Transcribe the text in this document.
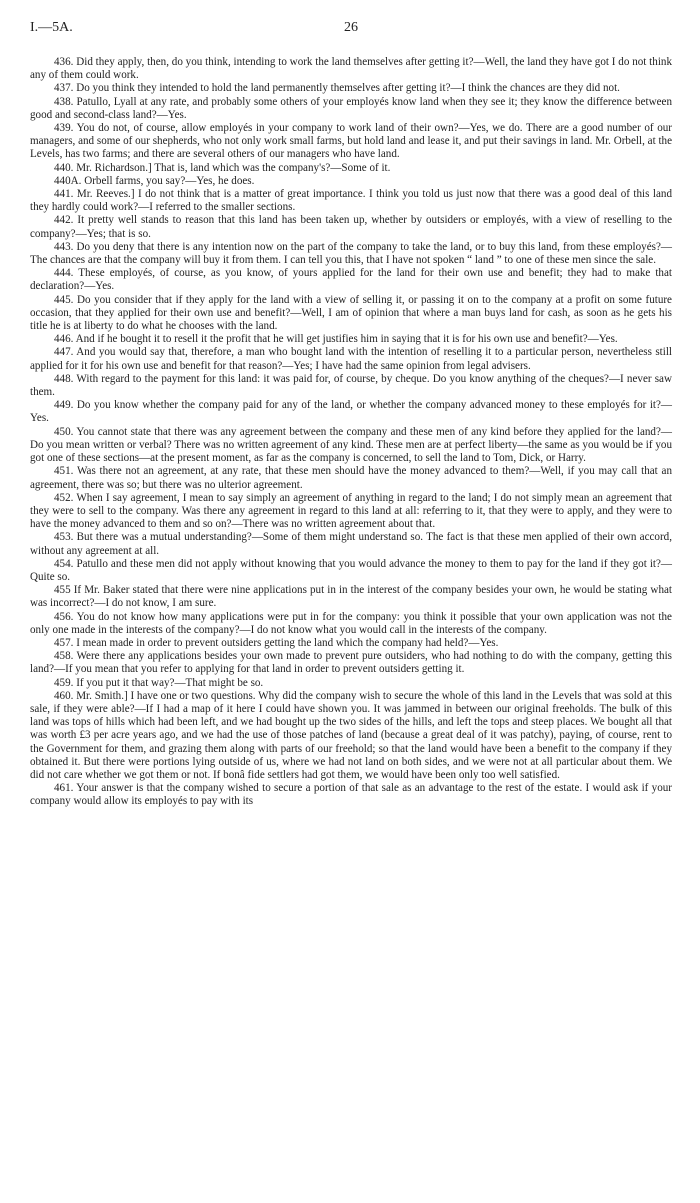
I.—5A.	26

436. Did they apply, then, do you think, intending to work the land themselves after getting it?—Well, the land they have got I do not think any of them could work.

437. Do you think they intended to hold the land permanently themselves after getting it?—I think the chances are they did not.

438. Patullo, Lyall at any rate, and probably some others of your employés know land when they see it; they know the difference between good and second-class land?—Yes.

439. You do not, of course, allow employés in your company to work land of their own?—Yes, we do. There are a good number of our managers, and some of our shepherds, who not only work small farms, but hold land and lease it, and put their savings in land. Mr. Orbell, at the Levels, has two farms; and there are several others of our managers who have land.

440. Mr. Richardson.] That is, land which was the company's?—Some of it.

440A. Orbell farms, you say?—Yes, he does.

441. Mr. Reeves.] I do not think that is a matter of great importance. I think you told us just now that there was a good deal of this land they hardly could work?—I referred to the smaller sections.

442. It pretty well stands to reason that this land has been taken up, whether by outsiders or employés, with a view of reselling to the company?—Yes; that is so.

443. Do you deny that there is any intention now on the part of the company to take the land, or to buy this land, from these employés?—The chances are that the company will buy it from them. I can tell you this, that I have not spoken “ land ” to one of these men since the sale.

444. These employés, of course, as you know, of yours applied for the land for their own use and benefit; they had to make that declaration?—Yes.

445. Do you consider that if they apply for the land with a view of selling it, or passing it on to the company at a profit on some future occasion, that they applied for their own use and benefit?—Well, I am of opinion that where a man buys land for cash, as soon as he gets his title he is at liberty to do what he chooses with the land.

446. And if he bought it to resell it the profit that he will get justifies him in saying that it is for his own use and benefit?—Yes.

447. And you would say that, therefore, a man who bought land with the intention of reselling it to a particular person, nevertheless still applied for it for his own use and benefit for that reason?—Yes; I have had the same opinion from legal advisers.

448. With regard to the payment for this land: it was paid for, of course, by cheque. Do you know anything of the cheques?—I never saw them.

449. Do you know whether the company paid for any of the land, or whether the company advanced money to these employés for it?—Yes.

450. You cannot state that there was any agreement between the company and these men of any kind before they applied for the land?—Do you mean written or verbal? There was no written agreement of any kind. These men are at perfect liberty—the same as you would be if you got one of these sections—at the present moment, as far as the company is concerned, to sell the land to Tom, Dick, or Harry.

451. Was there not an agreement, at any rate, that these men should have the money advanced to them?—Well, if you may call that an agreement, there was so; but there was no ulterior agreement.

452. When I say agreement, I mean to say simply an agreement of anything in regard to the land; I do not simply mean an agreement that they were to sell to the company. Was there any agreement in regard to this land at all: referring to it, that they were to apply, and they were to have the money advanced to them and so on?—There was no written agreement about that.

453. But there was a mutual understanding?—Some of them might understand so. The fact is that these men applied of their own accord, without any agreement at all.

454. Patullo and these men did not apply without knowing that you would advance the money to them to pay for the land if they got it?—Quite so.

455 If Mr. Baker stated that there were nine applications put in in the interest of the company besides your own, he would be stating what was incorrect?—I do not know, I am sure.

456. You do not know how many applications were put in for the company: you think it possible that your own application was not the only one made in the interests of the company?—I do not know what you would call in the interests of the company.

457. I mean made in order to prevent outsiders getting the land which the company had held?—Yes.

458. Were there any applications besides your own made to prevent pure outsiders, who had nothing to do with the company, getting this land?—If you mean that you refer to applying for that land in order to prevent outsiders getting it.

459. If you put it that way?—That might be so.

460. Mr. Smith.] I have one or two questions. Why did the company wish to secure the whole of this land in the Levels that was sold at this sale, if they were able?—If I had a map of it here I could have shown you. It was jammed in between our original freeholds. The bulk of this land was tops of hills which had been left, and we had bought up the two sides of the hills, and left the tops and steep places. We bought all that was worth £3 per acre years ago, and we had the use of those patches of land (because a great deal of it was patchy), paying, of course, rent to the Government for them, and grazing them along with parts of our freehold; so that the land would have been a benefit to the company if they obtained it. But there were portions lying outside of us, where we had not land on both sides, and we were not at all particular about them. We did not care whether we got them or not. If bonâ fide settlers had got them, we would have been only too well satisfied.

461. Your answer is that the company wished to secure a portion of that sale as an advantage to the rest of the estate. I would ask if your company would allow its employés to pay with its
